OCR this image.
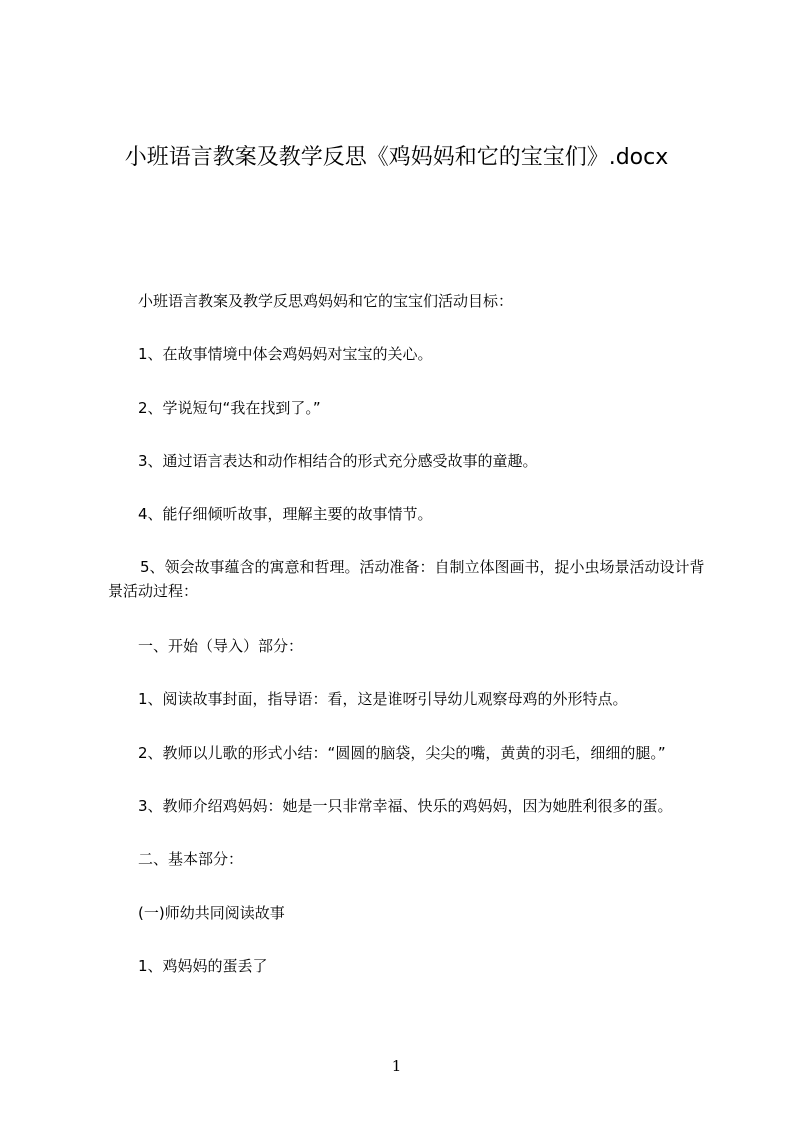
小班语言教案及教学反思《鸡妈妈和它的宝宝们》.docx
小班语言教案及教学反思鸡妈妈和它的宝宝们活动目标：
1、在故事情境中体会鸡妈妈对宝宝的关心。
2、学说短句“我在找到了。”
3、通过语言表达和动作相结合的形式充分感受故事的童趣。
4、能仔细倾听故事，理解主要的故事情节。
5、领会故事蕴含的寓意和哲理。活动准备：自制立体图画书，捉小虫场景活动设计背景活动过程：
一、开始（导入）部分：
1、阅读故事封面，指导语：看，这是谁呀引导幼儿观察母鸡的外形特点。
2、教师以儿歌的形式小结：“圆圆的脑袋，尖尖的嘴，黄黄的羽毛，细细的腿。”
3、教师介绍鸡妈妈：她是一只非常幸福、快乐的鸡妈妈，因为她胜利很多的蛋。
二、基本部分：
(一)师幼共同阅读故事
1、鸡妈妈的蛋丢了
1
